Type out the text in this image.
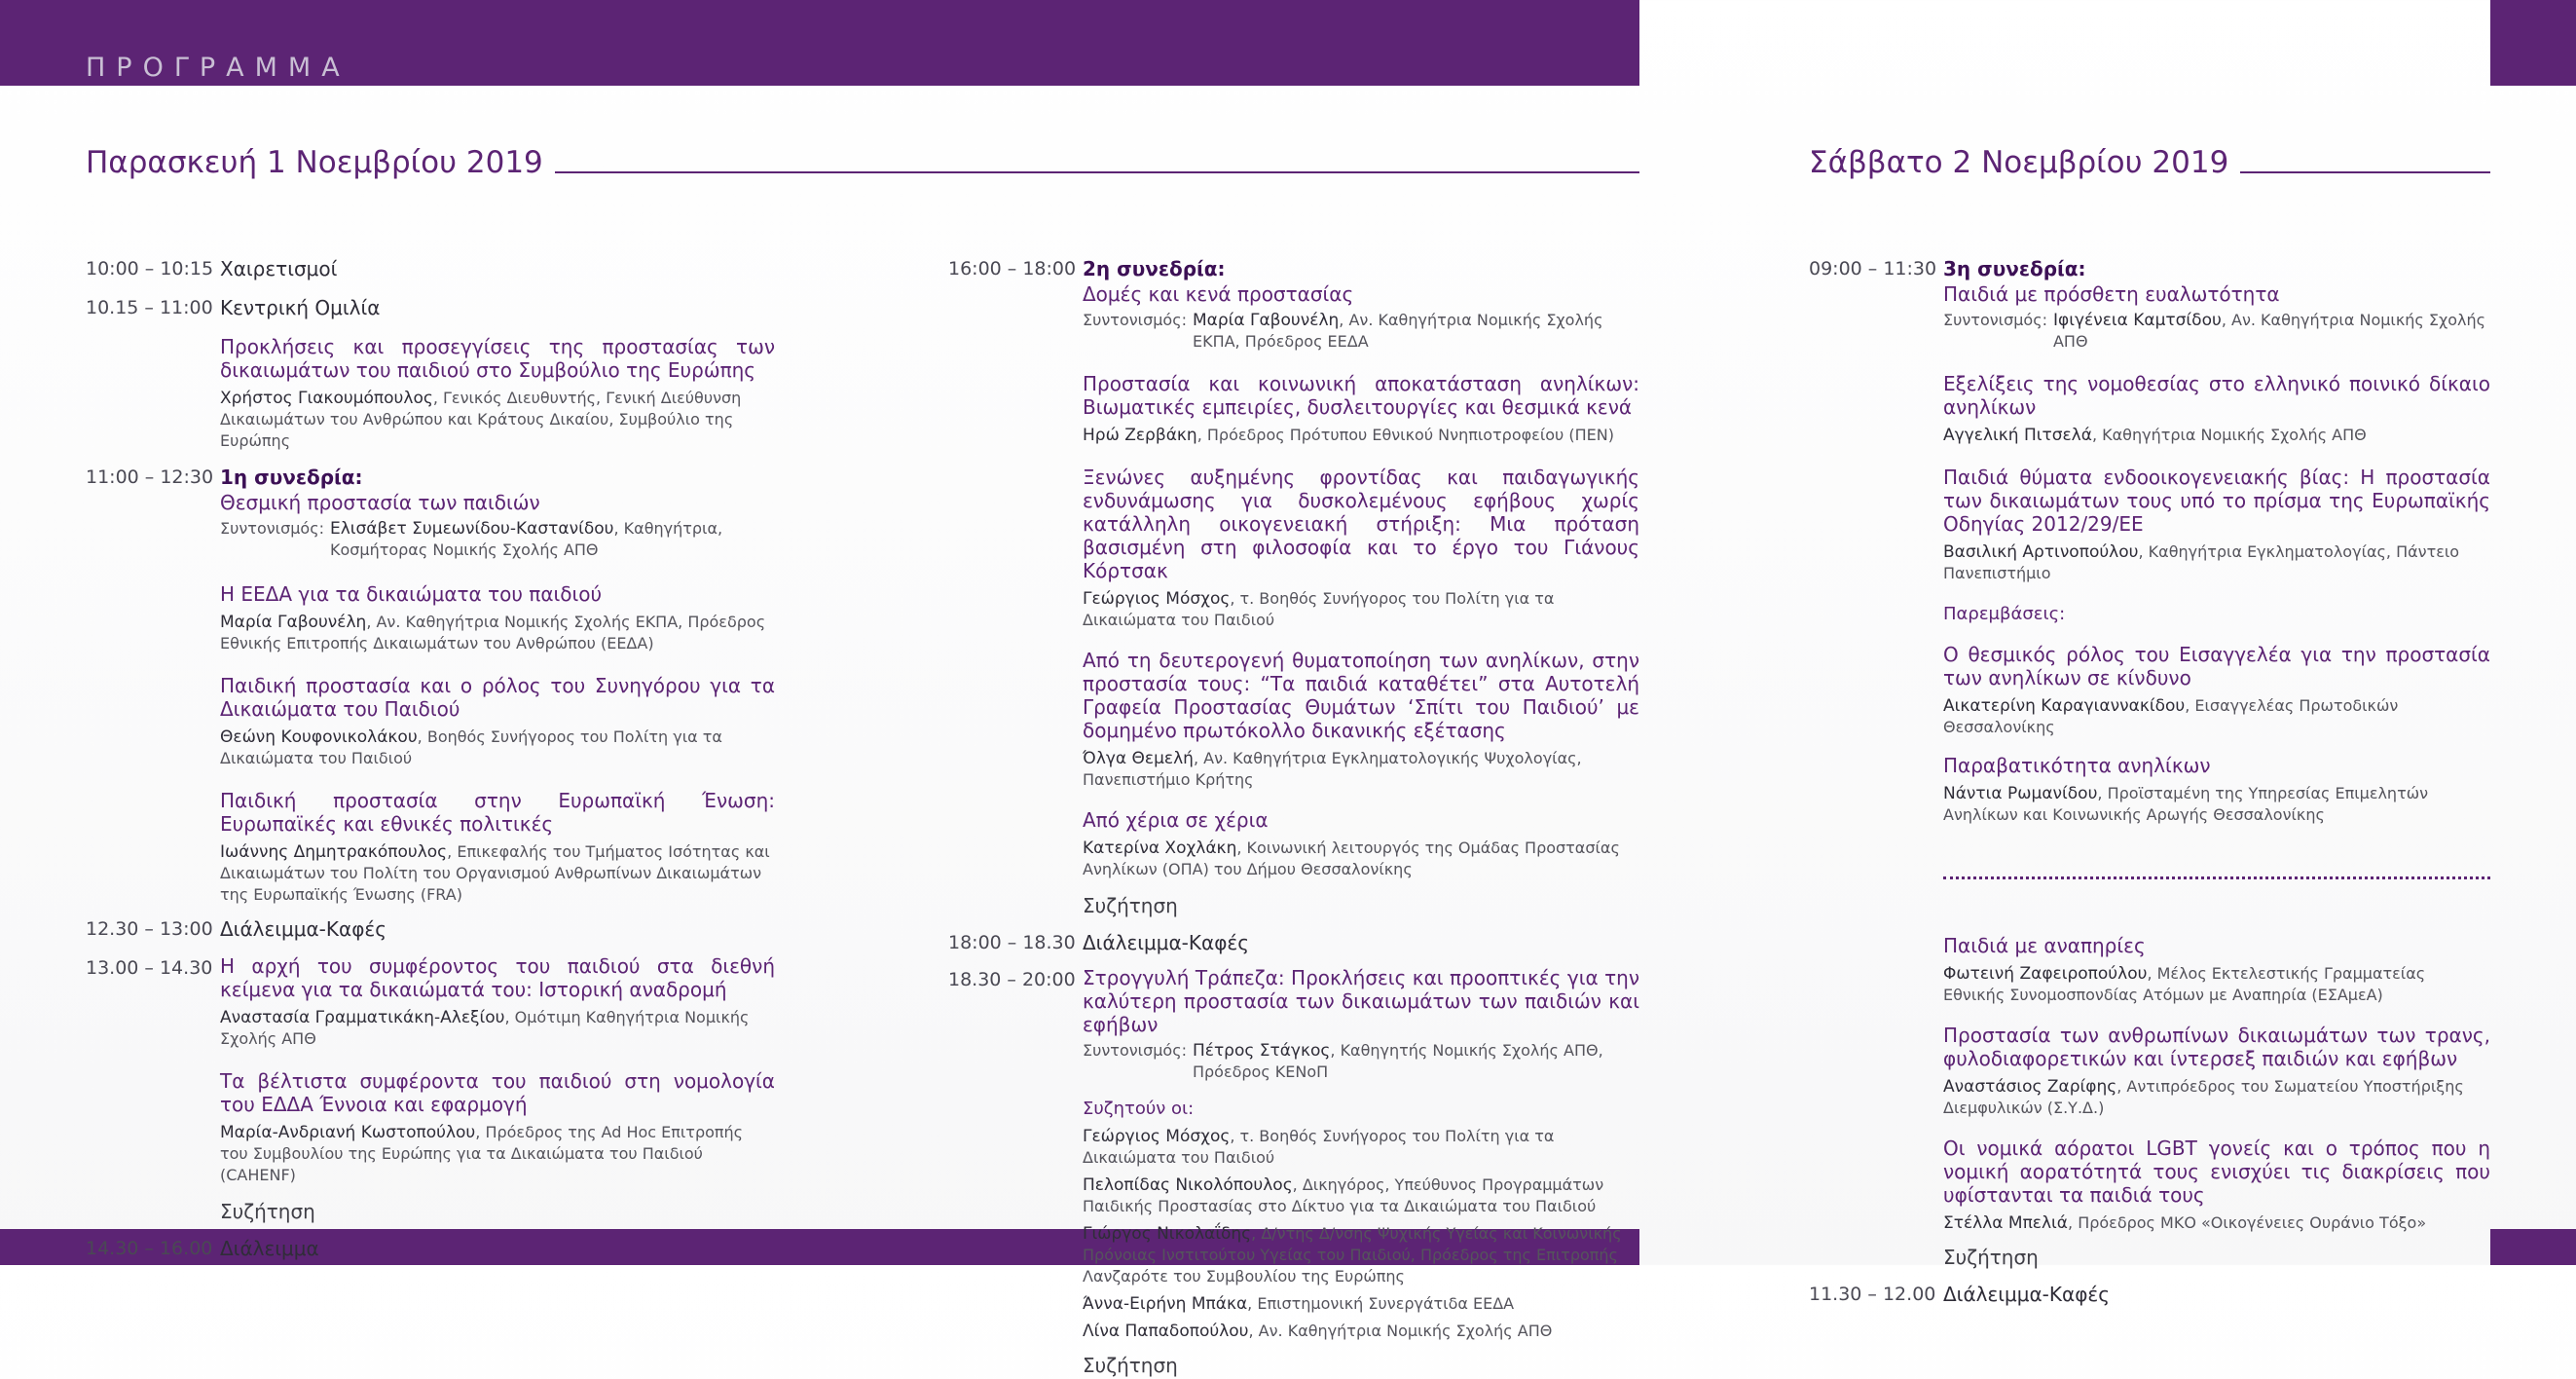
ΠΡΟΓΡΑΜΜΑ
Παρασκευή 1 Νοεμβρίου 2019	Σάββατο 2 Νοεμβρίου 2019
10:00 – 10:15 Χαιρετισμοί
10.15 – 11:00 Κεντρική Ομιλία
Προκλήσεις και προσεγγίσεις της προστασίας των δικαιωμάτων του παιδιού στο Συμβούλιο της Ευρώπης
Χρήστος Γιακουμόπουλος, Γενικός Διευθυντής, Γενική Διεύθυνση Δικαιωμάτων του Ανθρώπου και Κράτους Δικαίου, Συμβούλιο της Ευρώπης
11:00 – 12:30 1η συνεδρία:
Θεσμική προστασία των παιδιών
Συντονισμός: Ελισάβετ Συμεωνίδου-Καστανίδου, Καθηγήτρια, Κοσμήτορας Νομικής Σχολής ΑΠΘ
Η ΕΕΔΑ για τα δικαιώματα του παιδιού
Μαρία Γαβουνέλη, Αν. Καθηγήτρια Νομικής Σχολής ΕΚΠΑ, Πρόεδρος Εθνικής Επιτροπής Δικαιωμάτων του Ανθρώπου (ΕΕΔΑ)
Παιδική προστασία και ο ρόλος του Συνηγόρου για τα Δικαιώματα του Παιδιού
Θεώνη Κουφονικολάκου, Βοηθός Συνήγορος του Πολίτη για τα Δικαιώματα του Παιδιού
Παιδική προστασία στην Ευρωπαϊκή Ένωση: Ευρωπαϊκές και εθνικές πολιτικές
Ιωάννης Δημητρακόπουλος, Επικεφαλής του Τμήματος Ισότητας και Δικαιωμάτων του Πολίτη του Οργανισμού Ανθρωπίνων Δικαιωμάτων της Ευρωπαϊκής Ένωσης (FRA)
12.30 – 13:00 Διάλειμμα-Καφές
13.00 – 14.30 Η αρχή του συμφέροντος του παιδιού στα διεθνή κείμενα για τα δικαιώματά του: Ιστορική αναδρομή
Αναστασία Γραμματικάκη-Αλεξίου, Ομότιμη Καθηγήτρια Νομικής Σχολής ΑΠΘ
Τα βέλτιστα συμφέροντα του παιδιού στη νομολογία του ΕΔΔΑ Έννοια και εφαρμογή
Μαρία-Ανδριανή Κωστοπούλου, Πρόεδρος της Ad Hoc Επιτροπής του Συμβουλίου της Ευρώπης για τα Δικαιώματα του Παιδιού (CAHENF)
Συζήτηση
14.30 – 16.00 Διάλειμμα
16:00 – 18:00 2η συνεδρία:
Δομές και κενά προστασίας
Συντονισμός: Μαρία Γαβουνέλη, Αν. Καθηγήτρια Νομικής Σχολής ΕΚΠΑ, Πρόεδρος ΕΕΔΑ
Προστασία και κοινωνική αποκατάσταση ανηλίκων: Βιωματικές εμπειρίες, δυσλειτουργίες και θεσμικά κενά
Ηρώ Ζερβάκη, Πρόεδρος Πρότυπου Εθνικού Ννηπιοτροφείου (ΠΕΝ)
Ξενώνες αυξημένης φροντίδας και παιδαγωγικής ενδυνάμωσης για δυσκολεμένους εφήβους χωρίς κατάλληλη οικογενειακή στήριξη: Μια πρόταση βασισμένη στη φιλοσοφία και το έργο του Γιάνους Κόρτσακ
Γεώργιος Μόσχος, τ. Βοηθός Συνήγορος του Πολίτη για τα Δικαιώματα του Παιδιού
Από τη δευτερογενή θυματοποίηση των ανηλίκων, στην προστασία τους: “Τα παιδιά καταθέτει” στα Αυτοτελή Γραφεία Προστασίας Θυμάτων ‘Σπίτι του Παιδιού’ με δομημένο πρωτόκολλο δικανικής εξέτασης
Όλγα Θεμελή, Αν. Καθηγήτρια Εγκληματολογικής Ψυχολογίας, Πανεπιστήμιο Κρήτης
Από χέρια σε χέρια
Κατερίνα Χοχλάκη, Κοινωνική λειτουργός της Ομάδας Προστασίας Ανηλίκων (ΟΠΑ) του Δήμου Θεσσαλονίκης
Συζήτηση
18:00 – 18.30 Διάλειμμα-Καφές
18.30 – 20:00 Στρογγυλή Τράπεζα: Προκλήσεις και προοπτικές για την καλύτερη προστασία των δικαιωμάτων των παιδιών και εφήβων
Συντονισμός: Πέτρος Στάγκος, Καθηγητής Νομικής Σχολής ΑΠΘ, Πρόεδρος ΚΕΝοΠ
Συζητούν οι:
Γεώργιος Μόσχος, τ. Βοηθός Συνήγορος του Πολίτη για τα Δικαιώματα του Παιδιού
Πελοπίδας Νικολόπουλος, Δικηγόρος, Υπεύθυνος Προγραμμάτων Παιδικής Προστασίας στο Δίκτυο για τα Δικαιώματα του Παιδιού
Γιώργος Νικολαΐδης, Δ/ντης Δ/νσης Ψυχικής Υγείας και Κοινωνικής Πρόνοιας Ινστιτούτου Υγείας του Παιδιού, Πρόεδρος της Επιτροπής Λανζαρότε του Συμβουλίου της Ευρώπης
Άννα-Ειρήνη Μπάκα, Επιστημονική Συνεργάτιδα ΕΕΔΑ
Λίνα Παπαδοπούλου, Αν. Καθηγήτρια Νομικής Σχολής ΑΠΘ
Συζήτηση
09:00 – 11:30 3η συνεδρία:
Παιδιά με πρόσθετη ευαλωτότητα
Συντονισμός: Ιφιγένεια Καμτσίδου, Αν. Καθηγήτρια Νομικής Σχολής ΑΠΘ
Εξελίξεις της νομοθεσίας στο ελληνικό ποινικό δίκαιο ανηλίκων
Αγγελική Πιτσελά, Καθηγήτρια Νομικής Σχολής ΑΠΘ
Παιδιά θύματα ενδοοικογενειακής βίας: Η προστασία των δικαιωμάτων τους υπό το πρίσμα της Ευρωπαϊκής Οδηγίας 2012/29/ΕΕ
Βασιλική Αρτινοπούλου, Καθηγήτρια Εγκληματολογίας, Πάντειο Πανεπιστήμιο
Παρεμβάσεις:
Ο θεσμικός ρόλος του Εισαγγελέα για την προστασία των ανηλίκων σε κίνδυνο
Αικατερίνη Καραγιαννακίδου, Εισαγγελέας Πρωτοδικών Θεσσαλονίκης
Παραβατικότητα ανηλίκων
Νάντια Ρωμανίδου, Προϊσταμένη της Υπηρεσίας Επιμελητών Ανηλίκων και Κοινωνικής Αρωγής Θεσσαλονίκης
Παιδιά με αναπηρίες
Φωτεινή Ζαφειροπούλου, Μέλος Εκτελεστικής Γραμματείας Εθνικής Συνομοσπονδίας Ατόμων με Αναπηρία (ΕΣΑμεΑ)
Προστασία των ανθρωπίνων δικαιωμάτων των τρανς, φυλοδιαφορετικών και ίντερσεξ παιδιών και εφήβων
Αναστάσιος Ζαρίφης, Αντιπρόεδρος του Σωματείου Υποστήριξης Διεμφυλικών (Σ.Υ.Δ.)
Οι νομικά αόρατοι LGBT γονείς και ο τρόπος που η νομική αορατότητά τους ενισχύει τις διακρίσεις που υφίστανται τα παιδιά τους
Στέλλα Μπελιά, Πρόεδρος ΜΚΟ «Οικογένειες Ουράνιο Τόξο»
Συζήτηση
11.30 – 12.00 Διάλειμμα-Καφές
